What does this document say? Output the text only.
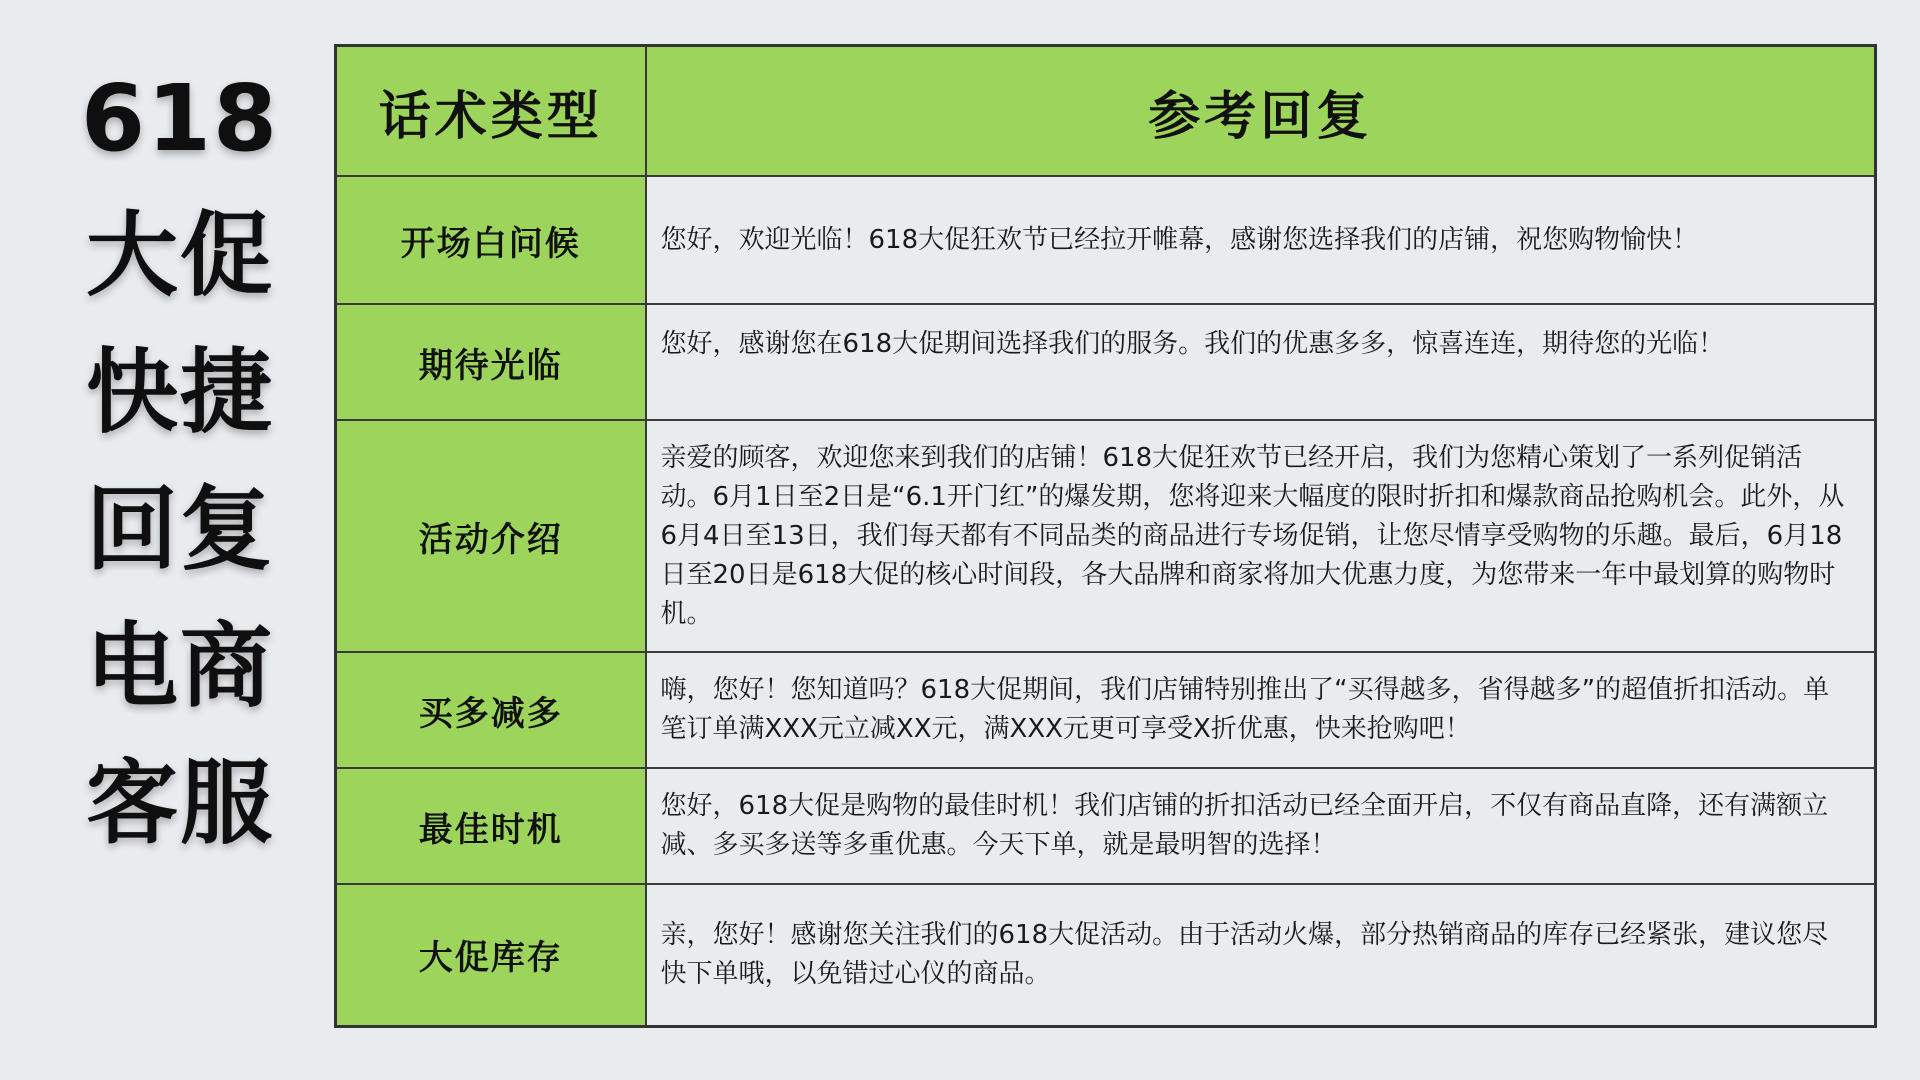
618
大促
快捷
回复
电商
客服
话术类型	参考回复
开场白问候	您好，欢迎光临！618大促狂欢节已经拉开帷幕，感谢您选择我们的店铺，祝您购物愉快！
期待光临	您好，感谢您在618大促期间选择我们的服务。我们的优惠多多，惊喜连连，期待您的光临！
活动介绍	亲爱的顾客，欢迎您来到我们的店铺！618大促狂欢节已经开启，我们为您精心策划了一系列促销活动。6月1日至2日是“6.1开门红”的爆发期，您将迎来大幅度的限时折扣和爆款商品抢购机会。此外，从6月4日至13日，我们每天都有不同品类的商品进行专场促销，让您尽情享受购物的乐趣。最后，6月18日至20日是618大促的核心时间段，各大品牌和商家将加大优惠力度，为您带来一年中最划算的购物时机。
买多减多	嗨，您好！您知道吗？618大促期间，我们店铺特别推出了“买得越多，省得越多”的超值折扣活动。单笔订单满XXX元立减XX元，满XXX元更可享受X折优惠，快来抢购吧！
最佳时机	您好，618大促是购物的最佳时机！我们店铺的折扣活动已经全面开启，不仅有商品直降，还有满额立减、多买多送等多重优惠。今天下单，就是最明智的选择！
大促库存	亲，您好！感谢您关注我们的618大促活动。由于活动火爆，部分热销商品的库存已经紧张，建议您尽快下单哦，以免错过心仪的商品。
